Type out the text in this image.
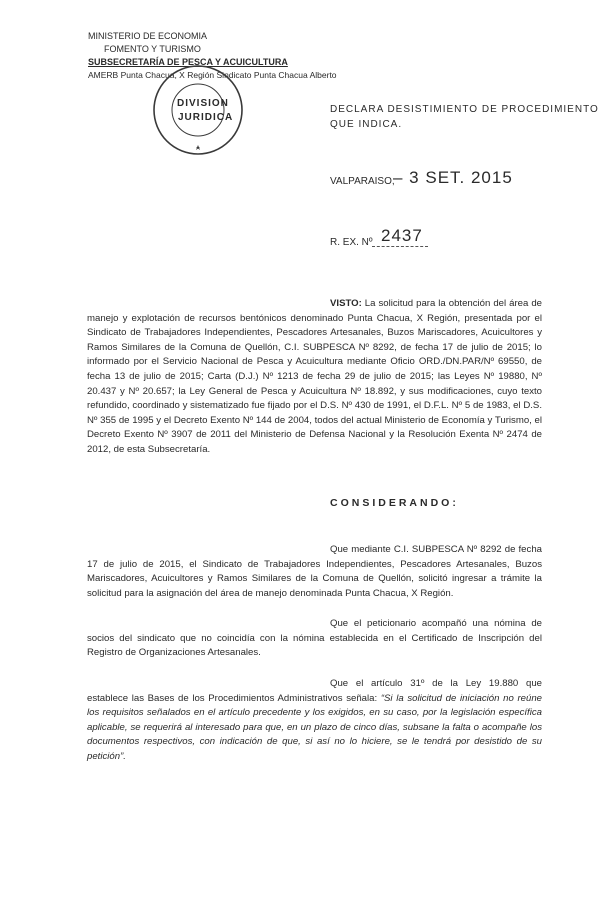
MINISTERIO DE ECONOMIA
FOMENTO Y TURISMO
SUBSECRETARÍA DE PESCA Y ACUICULTURA
AMERB Punta Chacua, X Región Sindicato Punta Chacua Alberto
DIVISION
JURIDICA
DECLARA DESISTIMIENTO DE PROCEDIMIENTO
QUE INDICA.
VALPARAISO,
– 3 SET. 2015
R. EX. Nº 2437
VISTO: La solicitud para la obtención del área de manejo y explotación de recursos bentónicos denominado Punta Chacua, X Región, presentada por el Sindicato de Trabajadores Independientes, Pescadores Artesanales, Buzos Mariscadores, Acuicultores y Ramos Similares de la Comuna de Quellón, C.I. SUBPESCA Nº 8292, de fecha 17 de julio de 2015; lo informado por el Servicio Nacional de Pesca y Acuicultura mediante Oficio ORD./DN.PAR/Nº 69550, de fecha 13 de julio de 2015; Carta (D.J.) Nº 1213 de fecha 29 de julio de 2015; las Leyes Nº 19880, Nº 20.437 y Nº 20.657; la Ley General de Pesca y Acuicultura Nº 18.892, y sus modificaciones, cuyo texto refundido, coordinado y sistematizado fue fijado por el D.S. Nº 430 de 1991, el D.F.L. Nº 5 de 1983, el D.S. Nº 355 de 1995 y el Decreto Exento Nº 144 de 2004, todos del actual Ministerio de Economía y Turismo, el Decreto Exento Nº 3907 de 2011 del Ministerio de Defensa Nacional y la Resolución Exenta Nº 2474 de 2012, de esta Subsecretaría.
CONSIDERANDO:
Que mediante C.I. SUBPESCA Nº 8292 de fecha 17 de julio de 2015, el Sindicato de Trabajadores Independientes, Pescadores Artesanales, Buzos Mariscadores, Acuicultores y Ramos Similares de la Comuna de Quellón, solicitó ingresar a trámite la solicitud para la asignación del área de manejo denominada Punta Chacua, X Región.
Que el peticionario acompañó una nómina de socios del sindicato que no coincidía con la nómina establecida en el Certificado de Inscripción del Registro de Organizaciones Artesanales.
Que el artículo 31º de la Ley 19.880 que establece las Bases de los Procedimientos Administrativos señala: “Si la solicitud de iniciación no reúne los requisitos señalados en el artículo precedente y los exigidos, en su caso, por la legislación específica aplicable, se requerirá al interesado para que, en un plazo de cinco días, subsane la falta o acompañe los documentos respectivos, con indicación de que, si así no lo hiciere, se le tendrá por desistido de su petición”.
